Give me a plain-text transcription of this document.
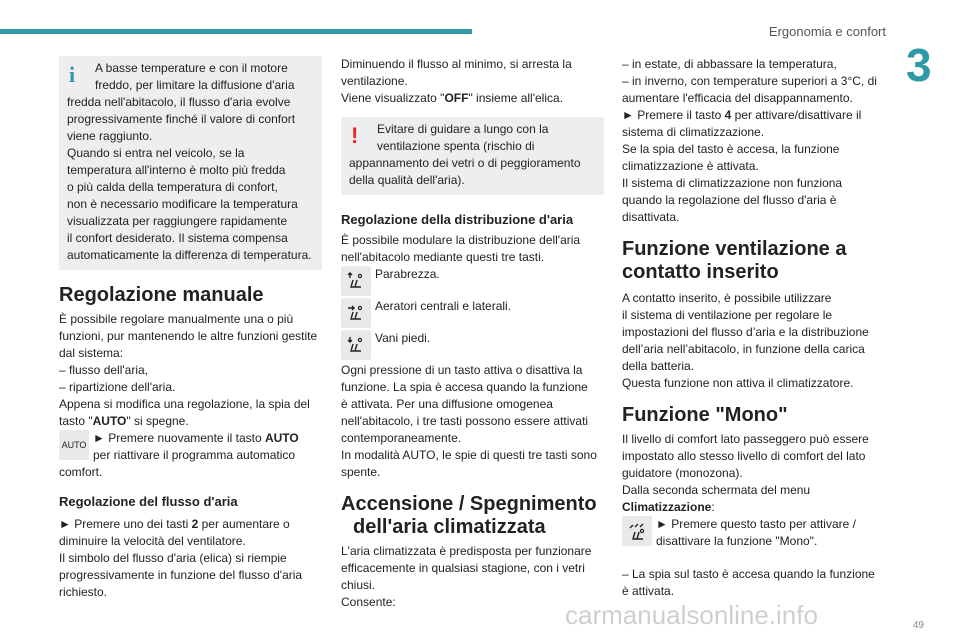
Ergonomia e confort
3
i	A basse temperature e con il motore

freddo, per limitare la diffusione d'aria

fredda nell'abitacolo, il flusso d'aria evolve

progressivamente finché il valore di confort

viene raggiunto.

Quando si entra nel veicolo, se la

temperatura all'interno è molto più fredda

o più calda della temperatura di confort,

non è necessario modificare la temperatura

visualizzata per raggiungere rapidamente

il confort desiderato. Il sistema compensa

automaticamente la differenza di temperatura.

Regolazione manuale

È possibile regolare manualmente una o più

funzioni, pur mantenendo le altre funzioni gestite

dal sistema:

– flusso dell'aria,

– ripartizione dell'aria.

Appena si modifica una regolazione, la spia del

tasto "AUTO" si spegne.

AUTO ► Premere nuovamente il tasto AUTO

per riattivare il programma automatico

comfort.

Regolazione del flusso d'aria

► Premere uno dei tasti 2 per aumentare o

diminuire la velocità del ventilatore.

Il simbolo del flusso d'aria (elica) si riempie

progressivamente in funzione del flusso d'aria

richiesto.

Diminuendo il flusso al minimo, si arresta la

ventilazione.

Viene visualizzato "OFF" insieme all'elica.

!	Evitare di guidare a lungo con la

ventilazione spenta (rischio di

appannamento dei vetri o di peggioramento

della qualità dell'aria).

Regolazione della distribuzione d'aria

È possibile modulare la distribuzione dell'aria

nell'abitacolo mediante questi tre tasti.

Parabrezza.

Aeratori centrali e laterali.

Vani piedi.

Ogni pressione di un tasto attiva o disattiva la

funzione. La spia è accesa quando la funzione

è attivata. Per una diffusione omogenea

nell'abitacolo, i tre tasti possono essere attivati

contemporaneamente.

In modalità AUTO, le spie di questi tre tasti sono

spente.

Accensione / Spegnimento
dell'aria climatizzata

L'aria climatizzata è predisposta per funzionare

efficacemente in qualsiasi stagione, con i vetri

chiusi.

Consente:

– in estate, di abbassare la temperatura,

– in inverno, con temperature superiori a 3°C, di

aumentare l'efficacia del disappannamento.

► Premere il tasto 4 per attivare/disattivare il

sistema di climatizzazione.

Se la spia del tasto è accesa, la funzione

climatizzazione è attivata.

Il sistema di climatizzazione non funziona

quando la regolazione del flusso d'aria è

disattivata.

Funzione ventilazione a
contatto inserito

A contatto inserito, è possibile utilizzare

il sistema di ventilazione per regolare le

impostazioni del flusso d’aria e la distribuzione

dell’aria nell’abitacolo, in funzione della carica

della batteria.

Questa funzione non attiva il climatizzatore.

Funzione "Mono"

Il livello di comfort lato passeggero può essere

impostato allo stesso livello di comfort del lato

guidatore (monozona).

Dalla seconda schermata del menu

Climatizzazione:

► Premere questo tasto per attivare /

disattivare la funzione "Mono".

– La spia sul tasto è accesa quando la funzione

è attivata.

carmanualsonline.info	49
